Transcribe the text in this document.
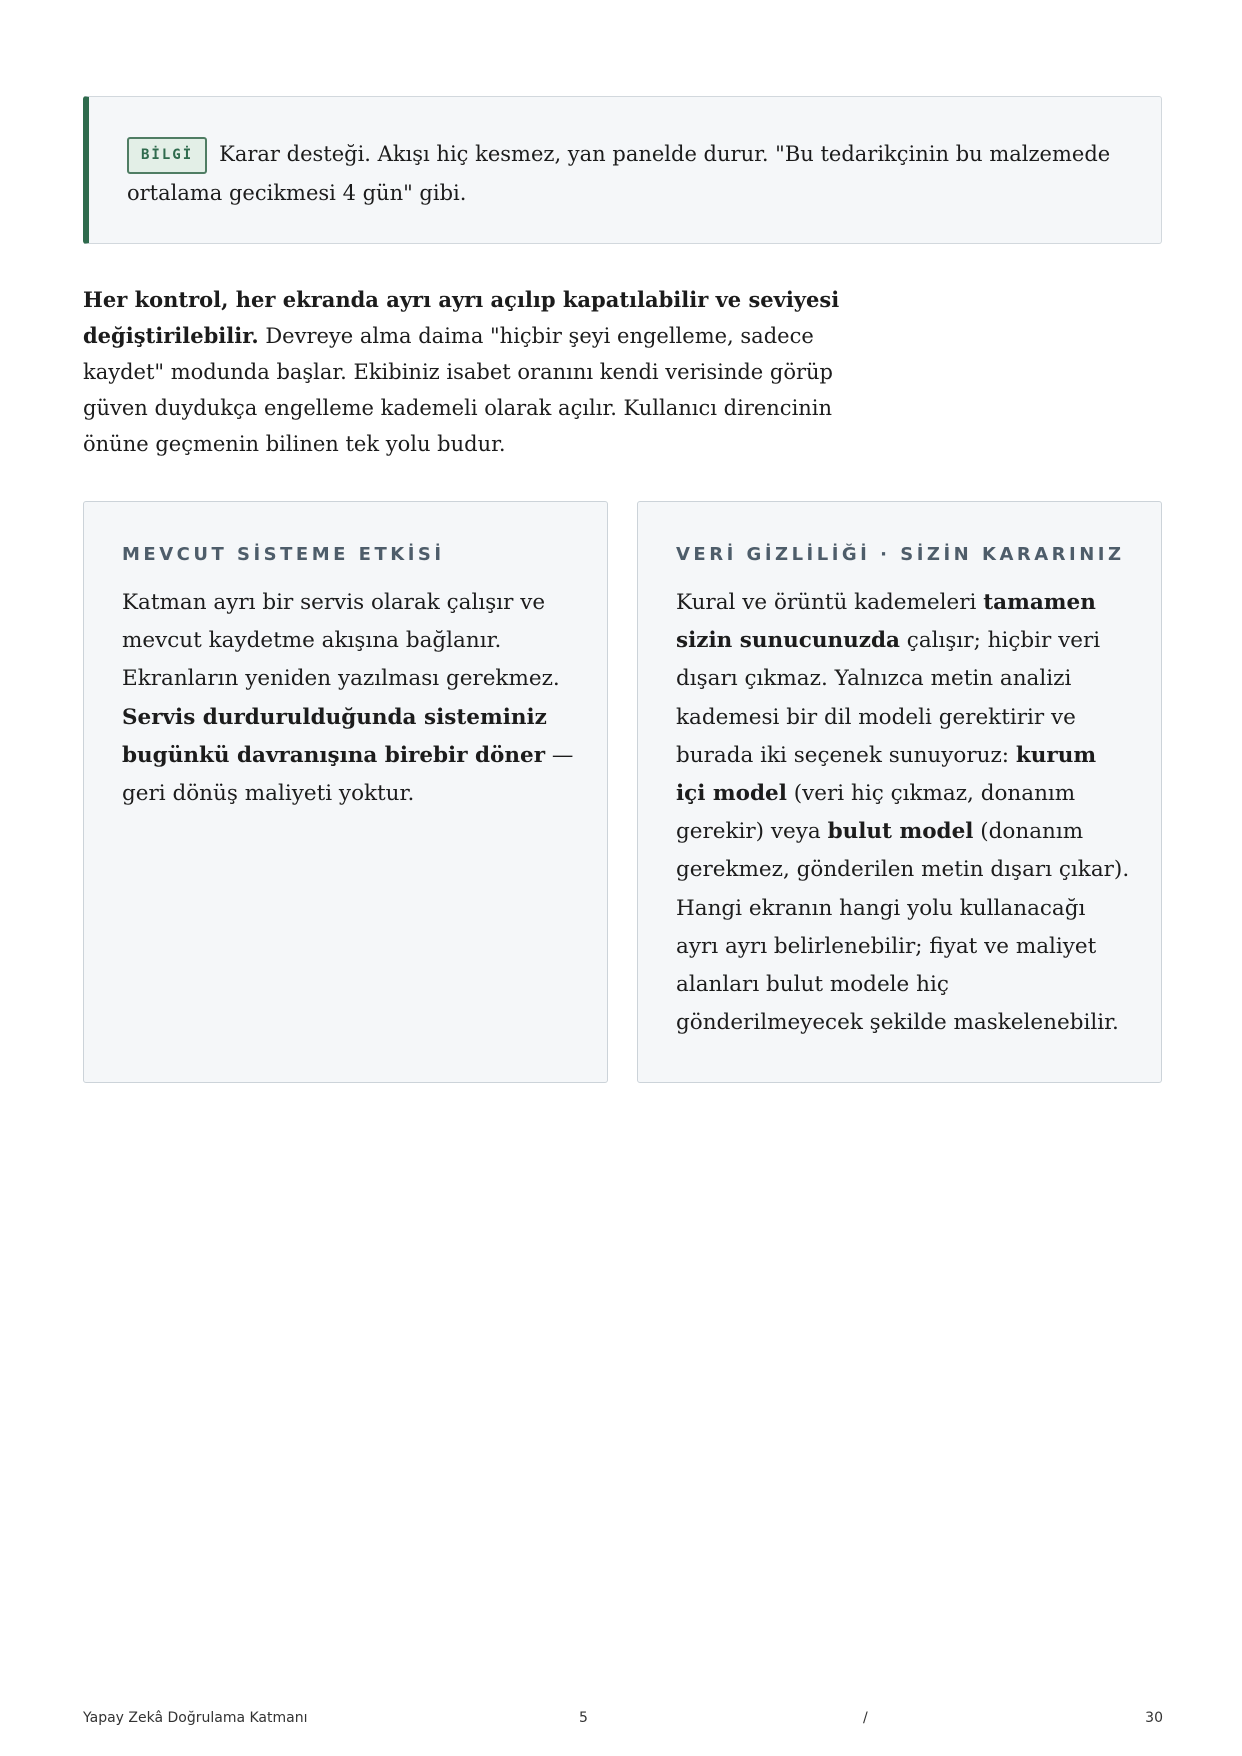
BİLGİ Karar desteği. Akışı hiç kesmez, yan panelde durur. "Bu tedarikçinin bu malzemede ortalama gecikmesi 4 gün" gibi.

Her kontrol, her ekranda ayrı ayrı açılıp kapatılabilir ve seviyesi değiştirilebilir. Devreye alma daima "hiçbir şeyi engelleme, sadece kaydet" modunda başlar. Ekibiniz isabet oranını kendi verisinde görüp güven duydukça engelleme kademeli olarak açılır. Kullanıcı direncinin önüne geçmenin bilinen tek yolu budur.

MEVCUT SİSTEME ETKİSİ

Katman ayrı bir servis olarak çalışır ve mevcut kaydetme akışına bağlanır. Ekranların yeniden yazılması gerekmez. Servis durdurulduğunda sisteminiz bugünkü davranışına birebir döner — geri dönüş maliyeti yoktur.

VERİ GİZLİLİĞİ · SİZİN KARARINIZ

Kural ve örüntü kademeleri tamamen sizin sunucunuzda çalışır; hiçbir veri dışarı çıkmaz. Yalnızca metin analizi kademesi bir dil modeli gerektirir ve burada iki seçenek sunuyoruz: kurum içi model (veri hiç çıkmaz, donanım gerekir) veya bulut model (donanım gerekmez, gönderilen metin dışarı çıkar). Hangi ekranın hangi yolu kullanacağı ayrı ayrı belirlenebilir; fiyat ve maliyet alanları bulut modele hiç gönderilmeyecek şekilde maskelenebilir.

Yapay Zekâ Doğrulama Katmanı	5	/	30
